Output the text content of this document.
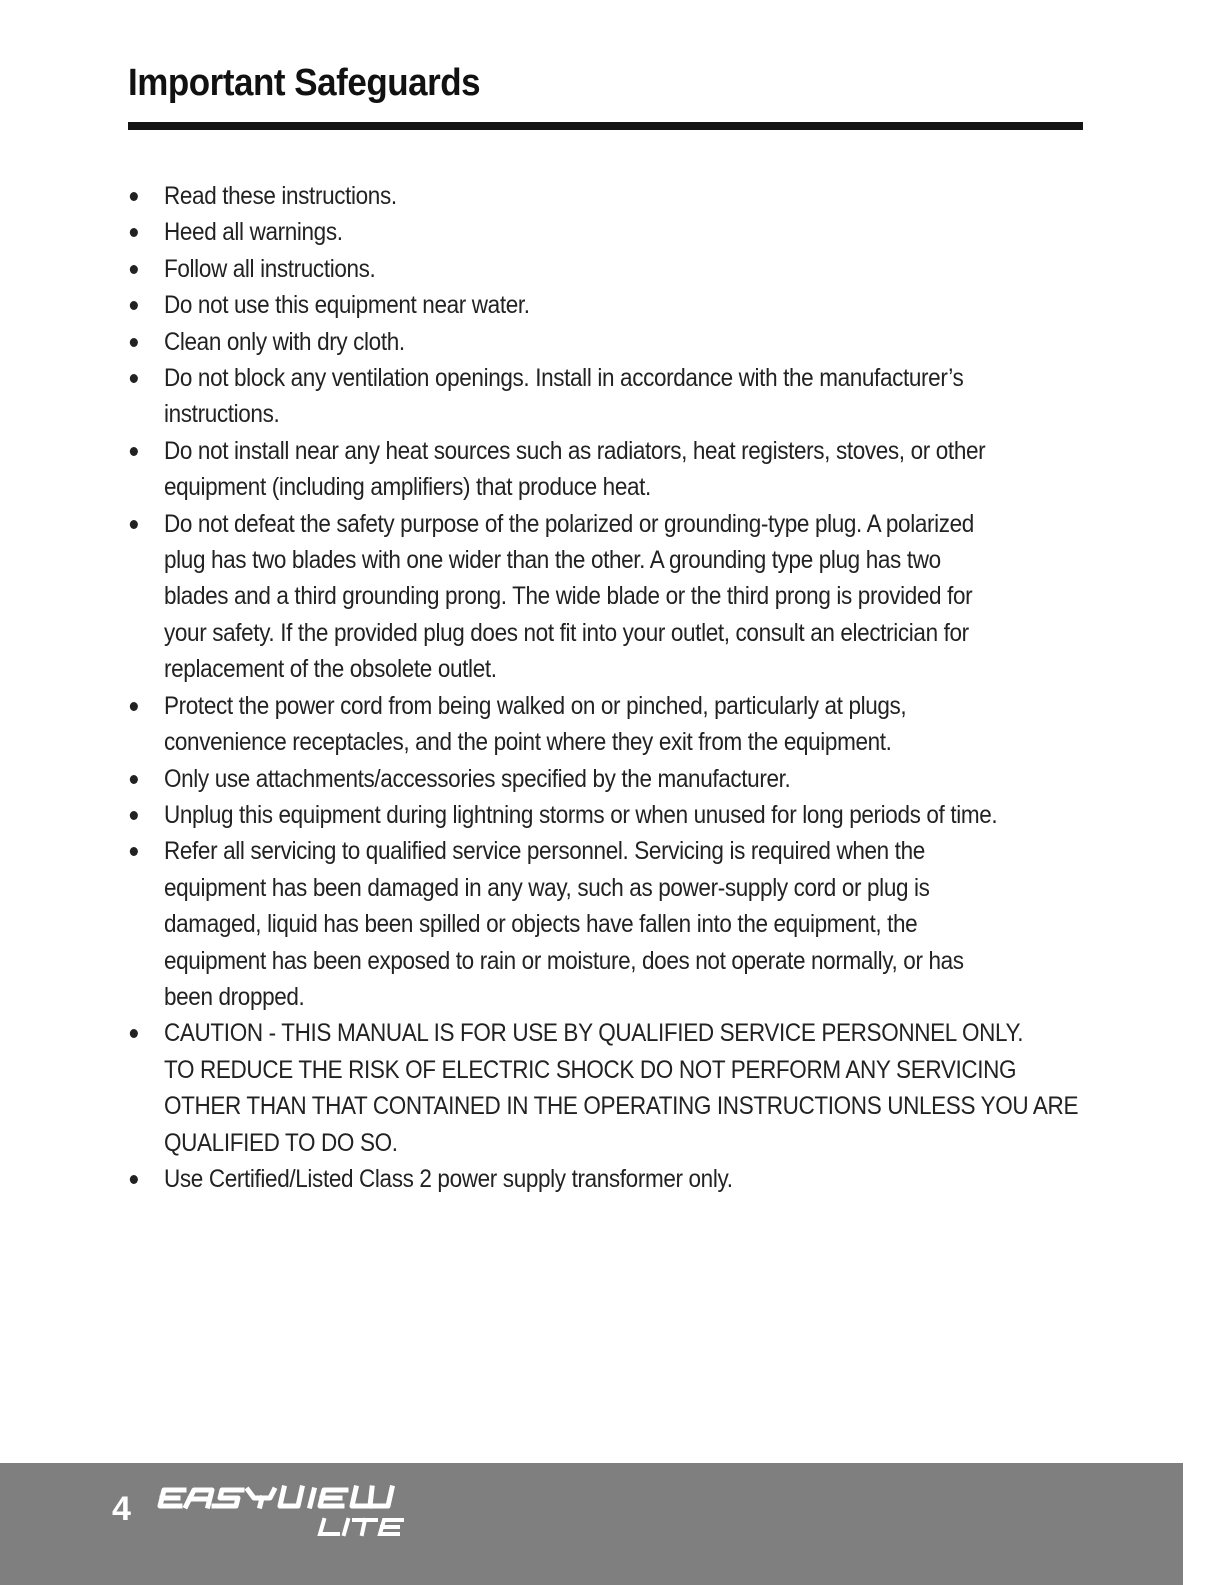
Important Safeguards
Read these instructions.
Heed all warnings.
Follow all instructions.
Do not use this equipment near water.
Clean only with dry cloth.
Do not block any ventilation openings. Install in accordance with the manufacturer’s
instructions.
Do not install near any heat sources such as radiators, heat registers, stoves, or other
equipment (including amplifiers) that produce heat.
Do not defeat the safety purpose of the polarized or grounding-type plug. A polarized
plug has two blades with one wider than the other. A grounding type plug has two
blades and a third grounding prong. The wide blade or the third prong is provided for
your safety. If the provided plug does not fit into your outlet, consult an electrician for
replacement of the obsolete outlet.
Protect the power cord from being walked on or pinched, particularly at plugs,
convenience receptacles, and the point where they exit from the equipment.
Only use attachments/accessories specified by the manufacturer.
Unplug this equipment during lightning storms or when unused for long periods of time.
Refer all servicing to qualified service personnel. Servicing is required when the
equipment has been damaged in any way, such as power-supply cord or plug is
damaged, liquid has been spilled or objects have fallen into the equipment, the
equipment has been exposed to rain or moisture, does not operate normally, or has
been dropped.
CAUTION - THIS MANUAL IS FOR USE BY QUALIFIED SERVICE PERSONNEL ONLY.
TO REDUCE THE RISK OF ELECTRIC SHOCK DO NOT PERFORM ANY SERVICING
OTHER THAN THAT CONTAINED IN THE OPERATING INSTRUCTIONS UNLESS YOU ARE
QUALIFIED TO DO SO.
Use Certified/Listed Class 2 power supply transformer only.
4
